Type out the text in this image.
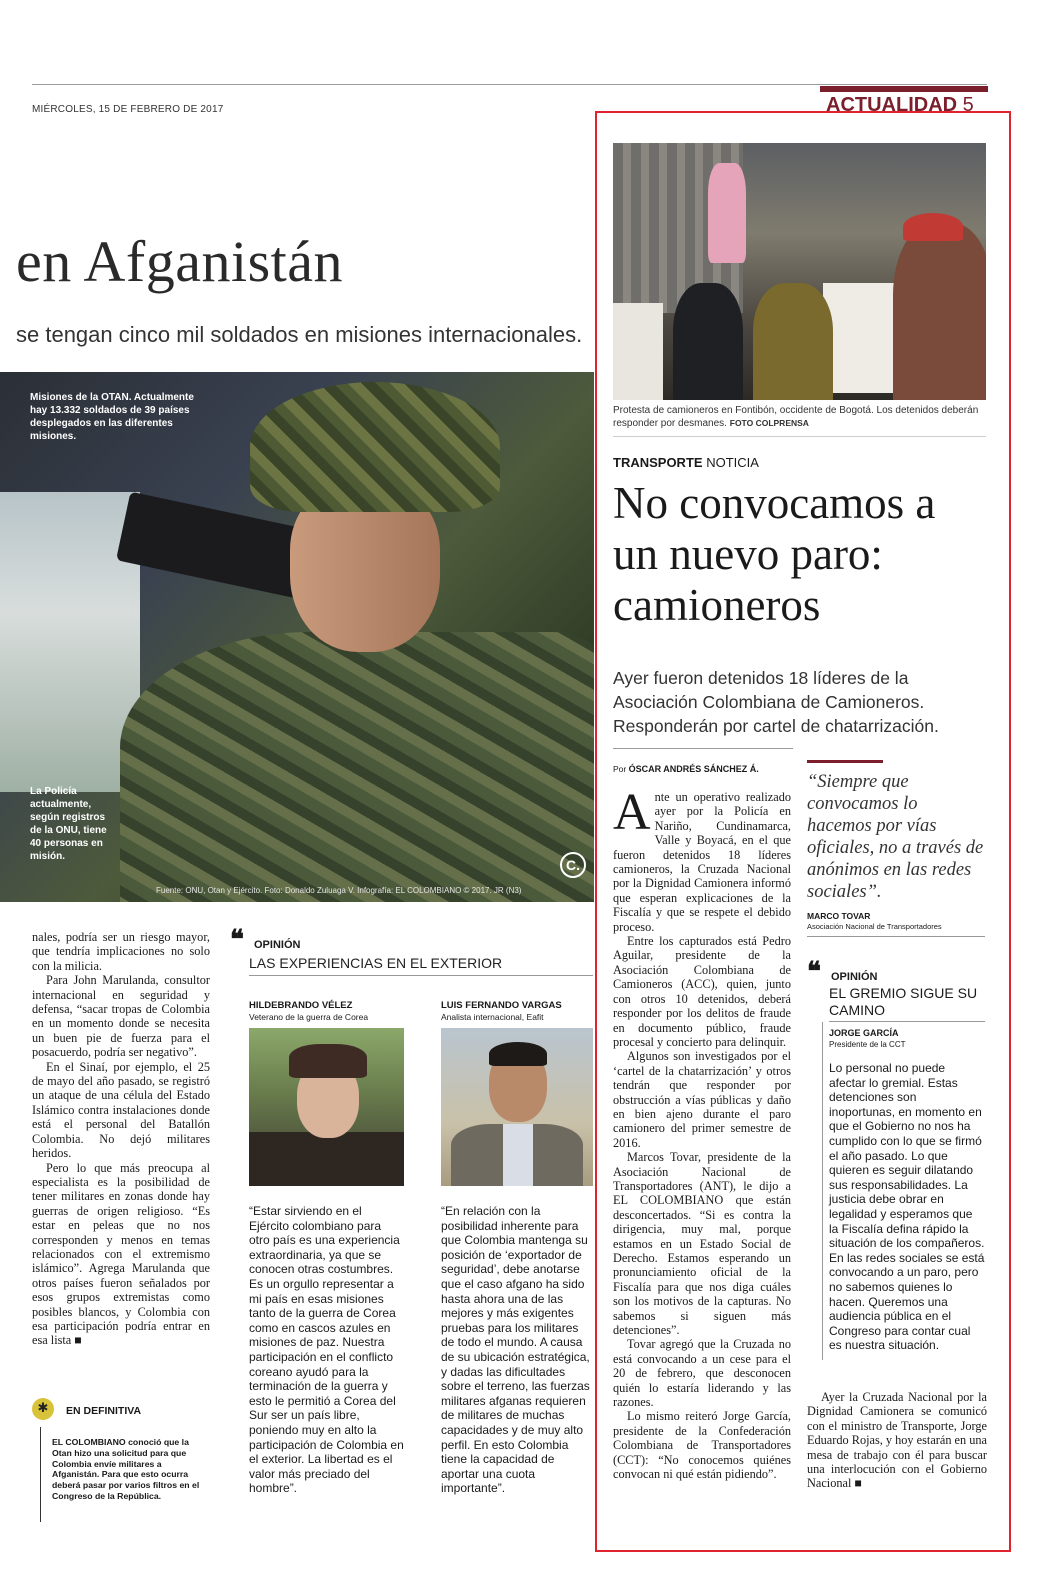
MIÉRCOLES, 15 DE FEBRERO DE 2017	ACTUALIDAD 5
en Afganistán
se tengan cinco mil soldados en misiones internacionales.
Misiones de la OTAN. Actualmente hay 13.332 soldados de 39 países desplegados en las diferentes misiones.
La Policía actualmente, según registros de la ONU, tiene 40 personas en misión.
Fuente: ONU, Otan y Ejército. Foto: Donaldo Zuluaga V. Infografía: EL COLOMBIANO © 2017. JR (N3)
C.

nales, podría ser un riesgo mayor, que tendría implicaciones no solo con la milicia.

Para John Marulanda, consultor internacional en seguridad y defensa, “sacar tropas de Colombia en un momento donde se necesita un buen pie de fuerza para el posacuerdo, podría ser negativo”.

En el Sinaí, por ejemplo, el 25 de mayo del año pasado, se registró un ataque de una célula del Estado Islámico contra instalaciones donde está el personal del Batallón Colombia. No dejó militares heridos.

Pero lo que más preocupa al especialista es la posibilidad de tener militares en zonas donde hay guerras de origen religioso. “Es estar en peleas que no nos corresponden y menos en temas relacionados con el extremismo islámico”. Agrega Marulanda que otros países fueron señalados por esos grupos extremistas como posibles blancos, y Colombia con esa participación podría entrar en esa lista ■

✱	EN DEFINITIVA
EL COLOMBIANO conoció que la Otan hizo una solicitud para que Colombia envíe militares a Afganistán. Para que esto ocurra deberá pasar por varios filtros en el Congreso de la República.
❝ OPINIÓN
LAS EXPERIENCIAS EN EL EXTERIOR
HILDEBRANDO VÉLEZ
Veterano de la guerra de Corea
LUIS FERNANDO VARGAS
Analista internacional, Eafit
“Estar sirviendo en el Ejército colombiano para otro país es una experiencia extraordinaria, ya que se conocen otras costumbres. Es un orgullo representar a mi país en esas misiones tanto de la guerra de Corea como en cascos azules en misiones de paz. Nuestra participación en el conflicto coreano ayudó para la terminación de la guerra y esto le permitió a Corea del Sur ser un país libre, poniendo muy en alto la participación de Colombia en el exterior. La libertad es el valor más preciado del hombre”.
“En relación con la posibilidad inherente para que Colombia mantenga su posición de ‘exportador de seguridad’, debe anotarse que el caso afgano ha sido hasta ahora una de las mejores y más exigentes pruebas para los militares de todo el mundo. A causa de su ubicación estratégica, y dadas las dificultades sobre el terreno, las fuerzas militares afganas requieren de militares de muchas capacidades y de muy alto perfil. En esto Colombia tiene la capacidad de aportar una cuota importante”.
Protesta de camioneros en Fontibón, occidente de Bogotá. Los detenidos deberán responder por desmanes. FOTO COLPRENSA
TRANSPORTE NOTICIA
No convocamos a un nuevo paro: camioneros
Ayer fueron detenidos 18 líderes de la Asociación Colombiana de Camioneros. Responderán por cartel de chatarrización.
Por ÓSCAR ANDRÉS SÁNCHEZ Á.

Ante un operativo realizado ayer por la Policía en Nariño, Cundinamarca, Valle y Boyacá, en el que fueron detenidos 18 líderes camioneros, la Cruzada Nacional por la Dignidad Camionera informó que esperan explicaciones de la Fiscalía y que se respete el debido proceso.

Entre los capturados está Pedro Aguilar, presidente de la Asociación Colombiana de Camioneros (ACC), quien, junto con otros 10 detenidos, deberá responder por los delitos de fraude en documento público, fraude procesal y concierto para delinquir.

Algunos son investigados por el ‘cartel de la chatarrización’ y otros tendrán que responder por obstrucción a vías públicas y daño en bien ajeno durante el paro camionero del primer semestre de 2016.

Marcos Tovar, presidente de la Asociación Nacional de Transportadores (ANT), le dijo a EL COLOMBIANO que están desconcertados. “Si es contra la dirigencia, muy mal, porque estamos en un Estado Social de Derecho. Estamos esperando un pronunciamiento oficial de la Fiscalía para que nos diga cuáles son los motivos de la capturas. No sabemos si siguen más detenciones”.

Tovar agregó que la Cruzada no está convocando a un cese para el 20 de febrero, que desconocen quién lo estaría liderando y las razones.

Lo mismo reiteró Jorge García, presidente de la Confederación Colombiana de Transportadores (CCT): “No conocemos quiénes convocan ni qué están pidiendo”.

“Siempre que convocamos lo hacemos por vías oficiales, no a través de anónimos en las redes sociales”.
MARCO TOVAR
Asociación Nacional de Transportadores
❝ OPINIÓN
EL GREMIO SIGUE SU CAMINO
JORGE GARCÍA
Presidente de la CCT
Lo personal no puede afectar lo gremial. Estas detenciones son inoportunas, en momento en que el Gobierno no nos ha cumplido con lo que se firmó el año pasado. Lo que quieren es seguir dilatando sus responsabilidades. La justicia debe obrar en legalidad y esperamos que la Fiscalía defina rápido la situación de los compañeros. En las redes sociales se está convocando a un paro, pero no sabemos quienes lo hacen. Queremos una audiencia pública en el Congreso para contar cual es nuestra situación.

Ayer la Cruzada Nacional por la Dignidad Camionera se comunicó con el ministro de Transporte, Jorge Eduardo Rojas, y hoy estarán en una mesa de trabajo con él para buscar una interlocución con el Gobierno Nacional ■
